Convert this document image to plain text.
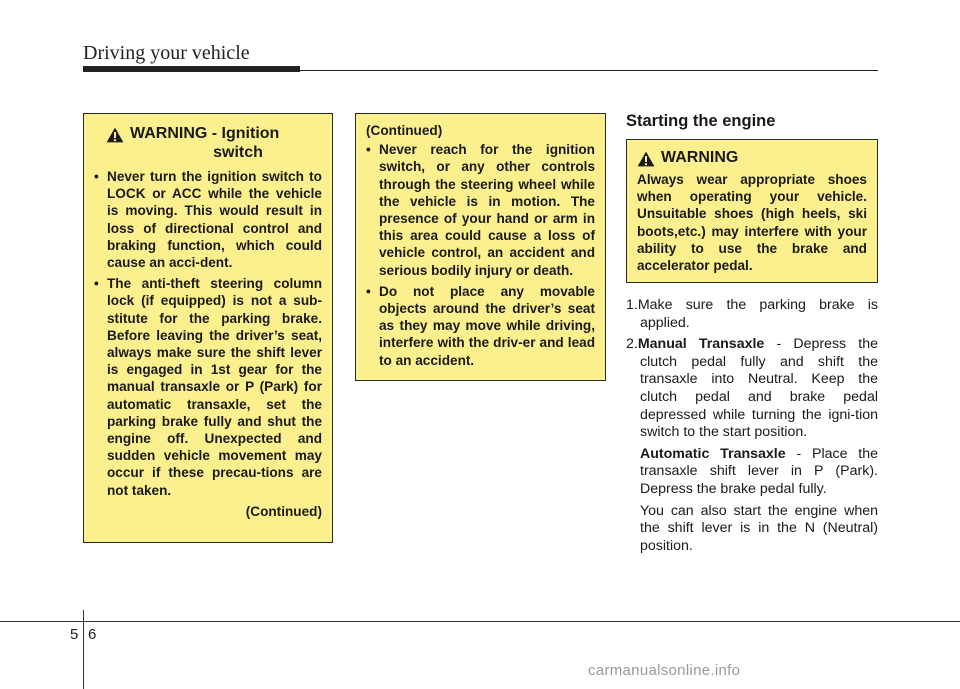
Driving your vehicle
WARNING - Ignition
switch
• Never turn the ignition switch to LOCK or ACC while the vehicle is moving. This would result in loss of directional control and braking function, which could cause an acci-dent.
• The anti-theft steering column lock (if equipped) is not a sub-stitute for the parking brake. Before leaving the driver’s seat, always make sure the shift lever is engaged in 1st gear for the manual transaxle or P (Park) for automatic transaxle, set the parking brake fully and shut the engine off. Unexpected and sudden vehicle movement may occur if these precau-tions are not taken.
(Continued)
(Continued)
• Never reach for the ignition switch, or any other controls through the steering wheel while the vehicle is in motion. The presence of your hand or arm in this area could cause a loss of vehicle control, an accident and serious bodily injury or death.
• Do not place any movable objects around the driver’s seat as they may move while driving, interfere with the driv-er and lead to an accident.
Starting the engine
WARNING
Always wear appropriate shoes when operating your vehicle. Unsuitable shoes (high heels, ski boots,etc.) may interfere with your ability to use the brake and accelerator pedal.
1.Make sure the parking brake is applied.
2.Manual Transaxle - Depress the clutch pedal fully and shift the transaxle into Neutral. Keep the clutch pedal and brake pedal depressed while turning the igni-tion switch to the start position.
Automatic Transaxle - Place the transaxle shift lever in P (Park). Depress the brake pedal fully.
You can also start the engine when the shift lever is in the N (Neutral) position.
5 6
carmanualsonline.info
